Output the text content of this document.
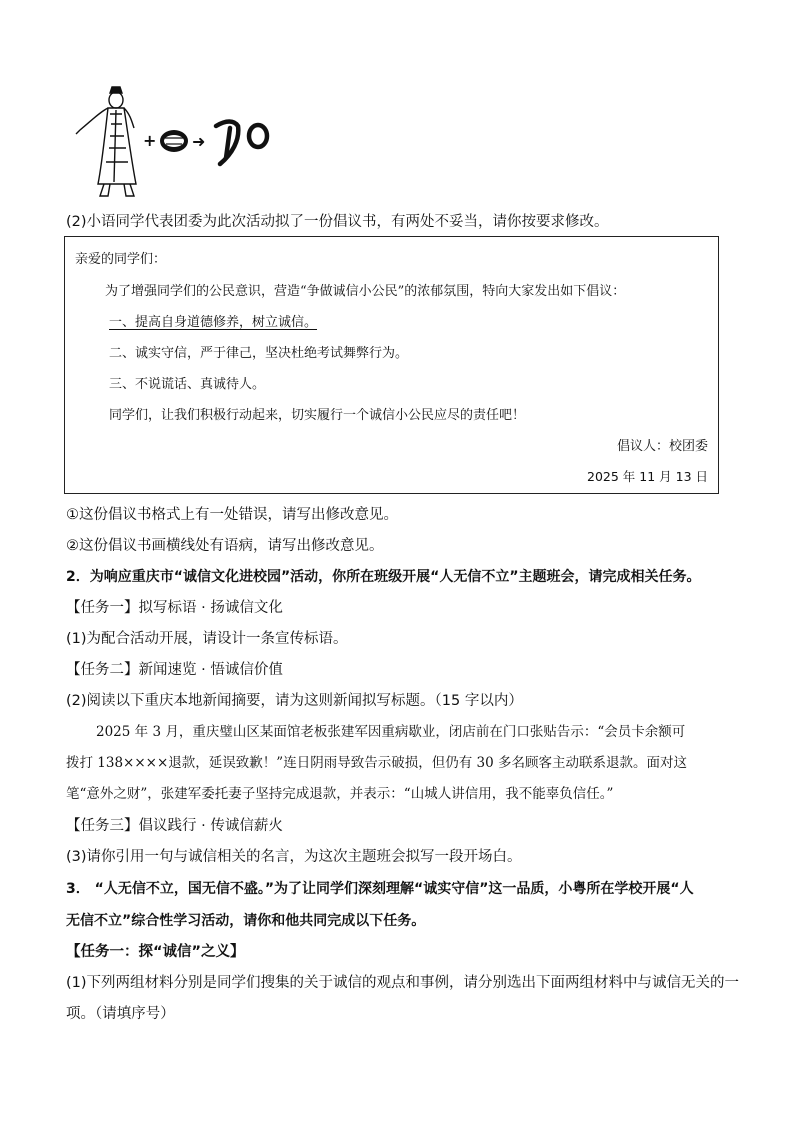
+ ➜
ꝏ
(2)小语同学代表团委为此次活动拟了一份倡议书，有两处不妥当，请你按要求修改。
亲爱的同学们：
为了增强同学们的公民意识，营造“争做诚信小公民”的浓郁氛围，特向大家发出如下倡议：
一、提高自身道德修养，树立诚信。
二、诚实守信，严于律己，坚决杜绝考试舞弊行为。
三、不说谎话、真诚待人。
同学们，让我们积极行动起来，切实履行一个诚信小公民应尽的责任吧！
倡议人：校团委
2025 年 11 月 13 日
①这份倡议书格式上有一处错误，请写出修改意见。
②这份倡议书画横线处有语病，请写出修改意见。
2．为响应重庆市“诚信文化进校园”活动，你所在班级开展“人无信不立”主题班会，请完成相关任务。
【任务一】拟写标语 · 扬诚信文化
(1)为配合活动开展，请设计一条宣传标语。
【任务二】新闻速览 · 悟诚信价值
(2)阅读以下重庆本地新闻摘要，请为这则新闻拟写标题。（15 字以内）
2025 年 3 月，重庆璧山区某面馆老板张建军因重病歇业，闭店前在门口张贴告示：“会员卡余额可
拨打 138××××退款，延误致歉！”连日阴雨导致告示破损，但仍有 30 多名顾客主动联系退款。面对这
笔“意外之财”，张建军委托妻子坚持完成退款，并表示：“山城人讲信用，我不能辜负信任。”
【任务三】倡议践行 · 传诚信薪火
(3)请你引用一句与诚信相关的名言，为这次主题班会拟写一段开场白。
3． “人无信不立，国无信不盛。”为了让同学们深刻理解“诚实守信”这一品质，小粤所在学校开展“人
无信不立”综合性学习活动，请你和他共同完成以下任务。
【任务一：探“诚信”之义】
(1)下列两组材料分别是同学们搜集的关于诚信的观点和事例，请分别选出下面两组材料中与诚信无关的一
项。（请填序号）
